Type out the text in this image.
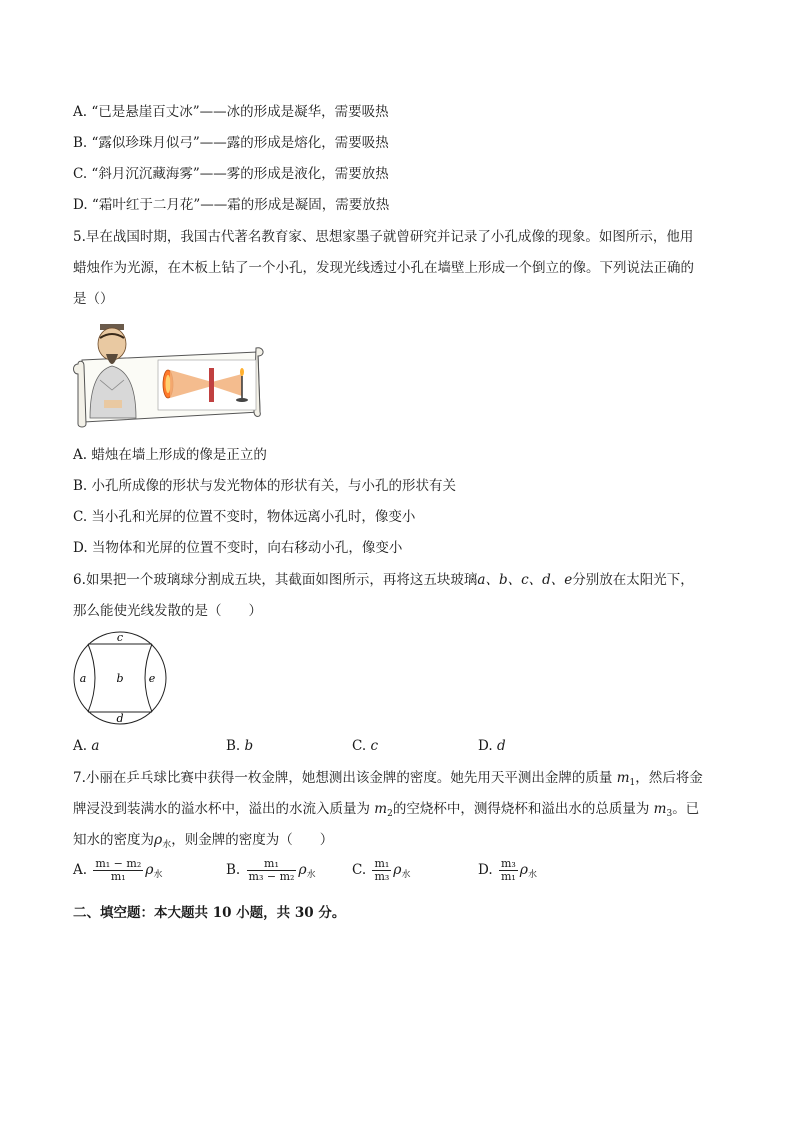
A. “已是悬崖百丈冰”——冰的形成是凝华，需要吸热
B. “露似珍珠月似弓”——露的形成是熔化，需要吸热
C. “斜月沉沉藏海雾”——雾的形成是液化，需要放热
D. “霜叶红于二月花”——霜的形成是凝固，需要放热
5.早在战国时期，我国古代著名教育家、思想家墨子就曾研究并记录了小孔成像的现象。如图所示，他用
蜡烛作为光源，在木板上钻了一个小孔，发现光线透过小孔在墙壁上形成一个倒立的像。下列说法正确的
是（）
A. 蜡烛在墙上形成的像是正立的
B. 小孔所成像的形状与发光物体的形状有关，与小孔的形状有关
C. 当小孔和光屏的位置不变时，物体远离小孔时，像变小
D. 当物体和光屏的位置不变时，向右移动小孔，像变小
6.如果把一个玻璃球分割成五块，其截面如图所示，再将这五块玻璃a、b、c、d、e分别放在太阳光下，
那么能使光线发散的是（　　）
c
a	b e
d
A. a	B. b	C. c	D. d
7.小丽在乒乓球比赛中获得一枚金牌，她想测出该金牌的密度。她先用天平测出金牌的质量 $m_1$，然后将金
牌浸没到装满水的溢水杯中，溢出的水流入质量为 $m_2$的空烧杯中，测得烧杯和溢出水的总质量为 $m_3$。已
知水的密度为$\rho_水$，则金牌的密度为（　　）
A. $\frac{\text{m₁ − m₂}}{\text{m₁}} \rho_水$	B. $\frac{\text{m₁}}{\text{m₃ − m₂}} \rho_水$	C. $\frac{\text{m₁}}{\text{m₃}} \rho_水$	D. $\frac{\text{m₃}}{\text{m₁}} \rho_水$
二、填空题：本大题共 10 小题，共 30 分。
